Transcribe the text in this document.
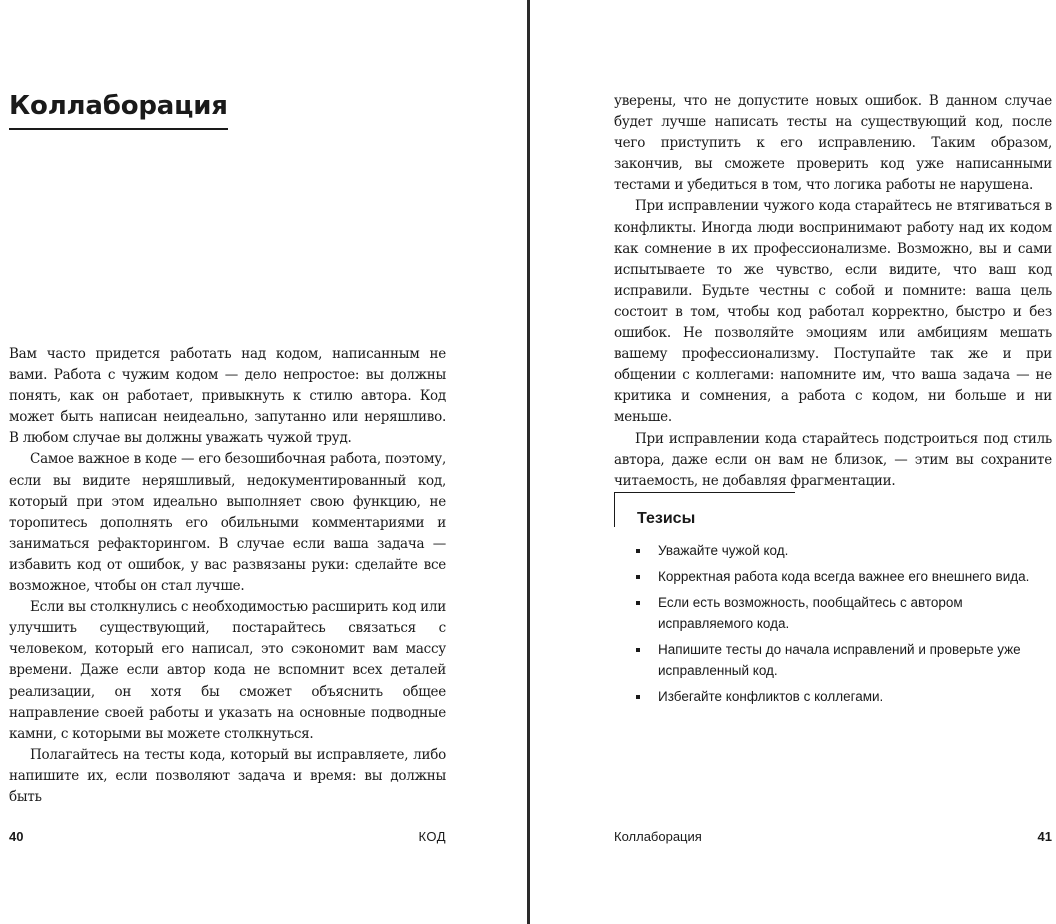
Коллаборация

Вам часто придется работать над кодом, написанным не вами. Работа с чужим кодом — дело непростое: вы должны понять, как он работает, привыкнуть к стилю автора. Код может быть написан неидеально, запутанно или неряшливо. В любом случае вы должны уважать чужой труд.

Самое важное в коде — его безошибочная работа, поэтому, если вы видите неряшливый, недокументированный код, который при этом идеально выполняет свою функцию, не торопитесь дополнять его обильными комментариями и заниматься рефакторингом. В случае если ваша задача — избавить код от ошибок, у вас развязаны руки: сделайте все возможное, чтобы он стал лучше.

Если вы столкнулись с необходимостью расширить код или улучшить существующий, постарайтесь связаться с человеком, который его написал, это сэкономит вам массу времени. Даже если автор кода не вспомнит всех деталей реализации, он хотя бы сможет объяснить общее направление своей работы и указать на основные подводные камни, с которыми вы можете столкнуться.

Полагайтесь на тесты кода, который вы исправляете, либо напишите их, если позволяют задача и время: вы должны быть

40	КОД

уверены, что не допустите новых ошибок. В данном случае будет лучше написать тесты на существующий код, после чего приступить к его исправлению. Таким образом, закончив, вы сможете проверить код уже написанными тестами и убедиться в том, что логика работы не нарушена.

При исправлении чужого кода старайтесь не втягиваться в конфликты. Иногда люди воспринимают работу над их кодом как сомнение в их профессионализме. Возможно, вы и сами испытываете то же чувство, если видите, что ваш код исправили. Будьте честны с собой и помните: ваша цель состоит в том, чтобы код работал корректно, быстро и без ошибок. Не позволяйте эмоциям или амбициям мешать вашему профессионализму. Поступайте так же и при общении с коллегами: напомните им, что ваша задача — не критика и сомнения, а работа с кодом, ни больше и ни меньше.

При исправлении кода старайтесь подстроиться под стиль автора, даже если он вам не близок, — этим вы сохраните читаемость, не добавляя фрагментации.

Тезисы
Уважайте чужой код.
Корректная работа кода всегда важнее его внешнего вида.
Если есть возможность, пообщайтесь с автором исправляемого кода.
Напишите тесты до начала исправлений и проверьте уже исправленный код.
Избегайте конфликтов с коллегами.
Коллаборация	41
